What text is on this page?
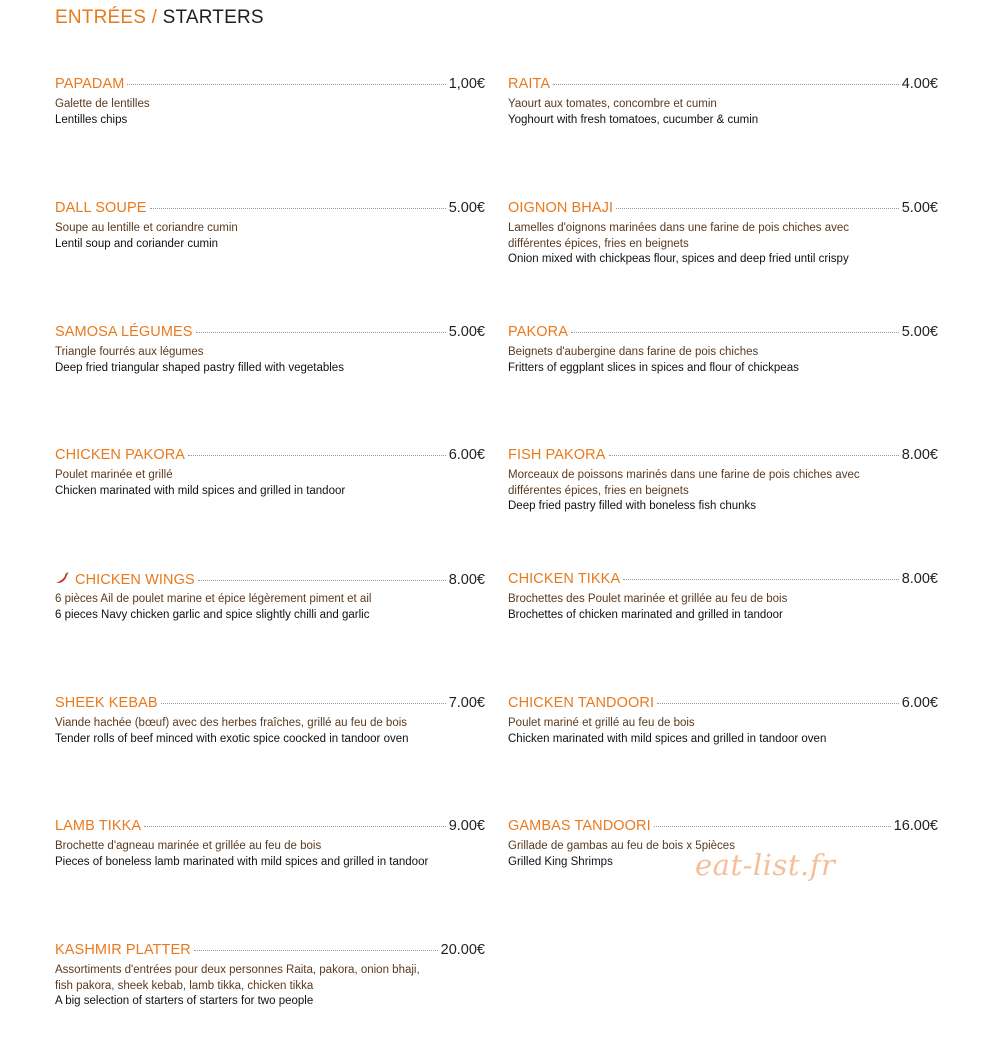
ENTRÉES / STARTERS
PAPADAM	1,00€
Galette de lentilles
Lentilles chips
RAITA	4.00€
Yaourt aux tomates, concombre et cumin
Yoghourt with fresh tomatoes, cucumber & cumin
DALL SOUPE	5.00€
Soupe au lentille et coriandre cumin
Lentil soup and coriander cumin
OIGNON BHAJI	5.00€
Lamelles d'oignons marinées dans une farine de pois chiches avec
différentes épices, fries en beignets
Onion mixed with chickpeas flour, spices and deep fried until crispy
SAMOSA LÉGUMES	5.00€
Triangle fourrés aux légumes
Deep fried triangular shaped pastry filled with vegetables
PAKORA	5.00€
Beignets d'aubergine dans farine de pois chiches
Fritters of eggplant slices in spices and flour of chickpeas
CHICKEN PAKORA	6.00€
Poulet marinée et grillé
Chicken marinated with mild spices and grilled in tandoor
FISH PAKORA	8.00€
Morceaux de poissons marinés dans une farine de pois chiches avec
différentes épices, fries en beignets
Deep fried pastry filled with boneless fish chunks
CHICKEN WINGS	8.00€
6 pièces Ail de poulet marine et épice légèrement piment et ail
6 pieces Navy chicken garlic and spice slightly chilli and garlic
CHICKEN TIKKA	8.00€
Brochettes des Poulet marinée et grillée au feu de bois
Brochettes of chicken marinated and grilled in tandoor
SHEEK KEBAB	7.00€
Viande hachée (bœuf) avec des herbes fraîches, grillé au feu de bois
Tender rolls of beef minced with exotic spice coocked in tandoor oven
CHICKEN TANDOORI	6.00€
Poulet mariné et grillé au feu de bois
Chicken marinated with mild spices and grilled in tandoor oven
LAMB TIKKA	9.00€
Brochette d'agneau marinée et grillée au feu de bois
Pieces of boneless lamb marinated with mild spices and grilled in tandoor
GAMBAS TANDOORI	16.00€
Grillade de gambas au feu de bois x 5pièces
Grilled King Shrimps
KASHMIR PLATTER	20.00€
Assortiments d'entrées pour deux personnes Raita, pakora, onion bhaji,
fish pakora, sheek kebab, lamb tikka, chicken tikka
A big selection of starters of starters for two people
eat-list.fr
